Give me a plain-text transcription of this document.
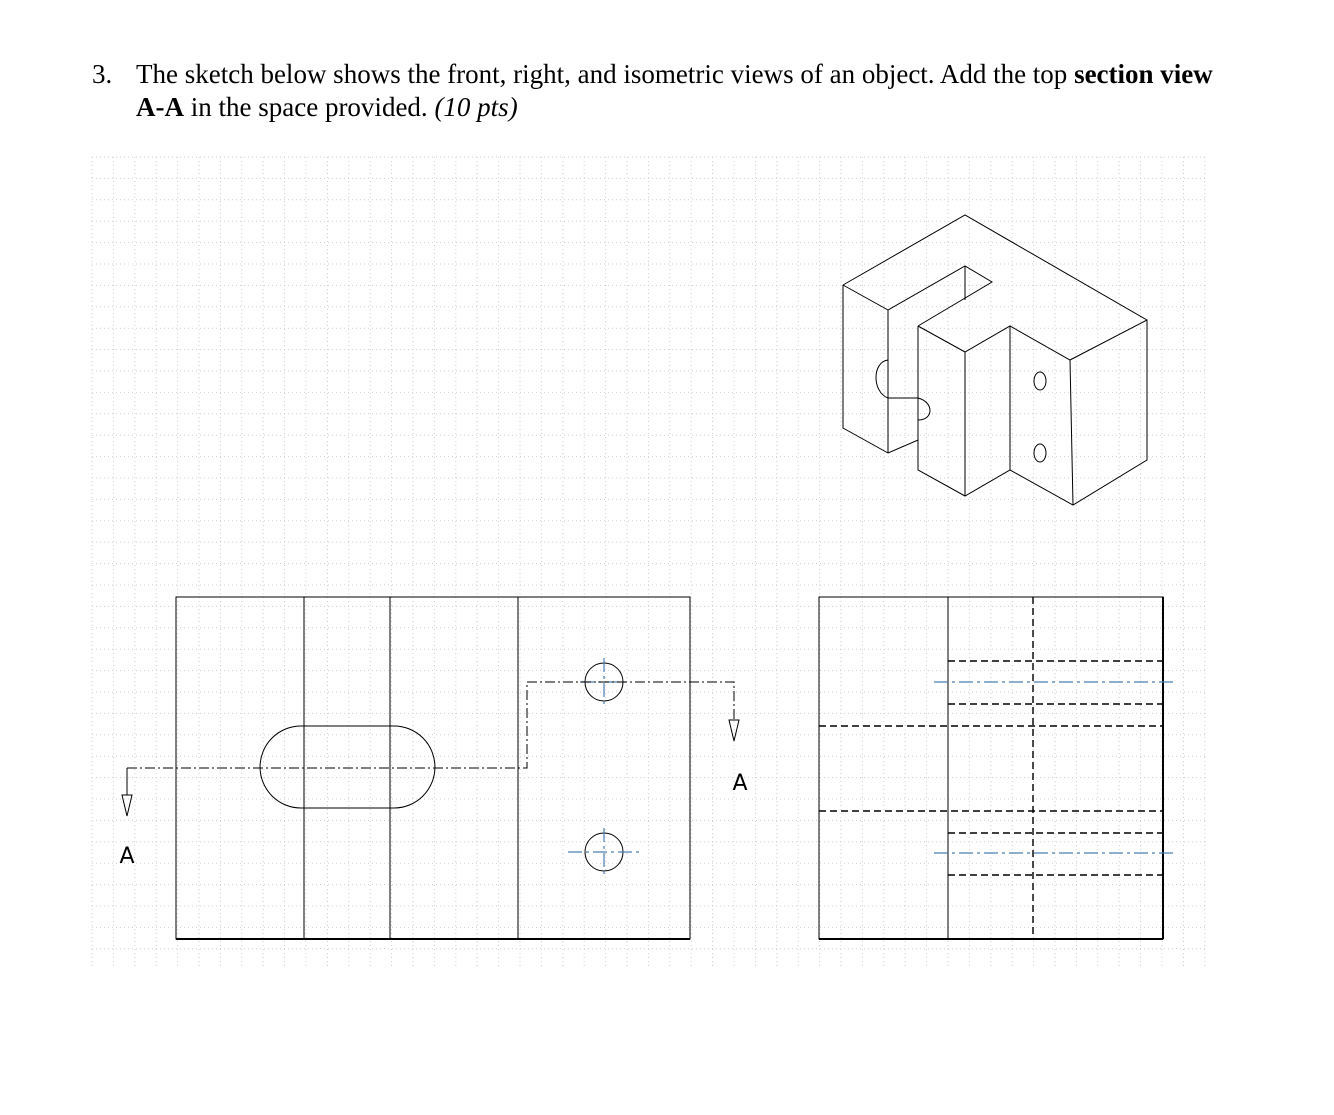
3. The sketch below shows the front, right, and isometric views of an object. Add the top section view
A-A in the space provided. (10 pts)
A
A
